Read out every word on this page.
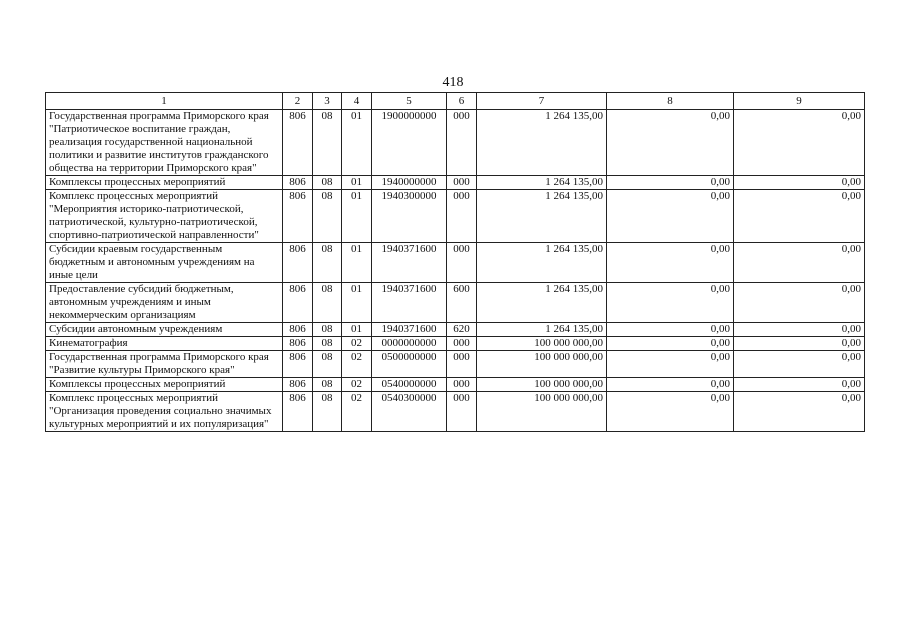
418
1	2	3	4	5	6	7	8	9
Государственная программа Приморского края "Патриотическое воспитание граждан, реализация государственной национальной политики и развитие институтов гражданского общества на территории Приморского края"	806	08	01	1900000000	000	1 264 135,00	0,00	0,00
Комплексы процессных мероприятий	806	08	01	1940000000	000	1 264 135,00	0,00	0,00
Комплекс процессных мероприятий "Мероприятия историко-патриотической, патриотической, культурно-патриотической, спортивно-патриотической направленности"	806	08	01	1940300000	000	1 264 135,00	0,00	0,00
Субсидии краевым государственным бюджетным и автономным учреждениям на иные цели	806	08	01	1940371600	000	1 264 135,00	0,00	0,00
Предоставление субсидий бюджетным, автономным учреждениям и иным некоммерческим организациям	806	08	01	1940371600	600	1 264 135,00	0,00	0,00
Субсидии автономным учреждениям	806	08	01	1940371600	620	1 264 135,00	0,00	0,00
Кинематография	806	08	02	0000000000	000	100 000 000,00	0,00	0,00
Государственная программа Приморского края "Развитие культуры Приморского края"	806	08	02	0500000000	000	100 000 000,00	0,00	0,00
Комплексы процессных мероприятий	806	08	02	0540000000	000	100 000 000,00	0,00	0,00
Комплекс процессных мероприятий "Организация проведения социально значимых культурных мероприятий и их популяризация"	806	08	02	0540300000	000	100 000 000,00	0,00	0,00
